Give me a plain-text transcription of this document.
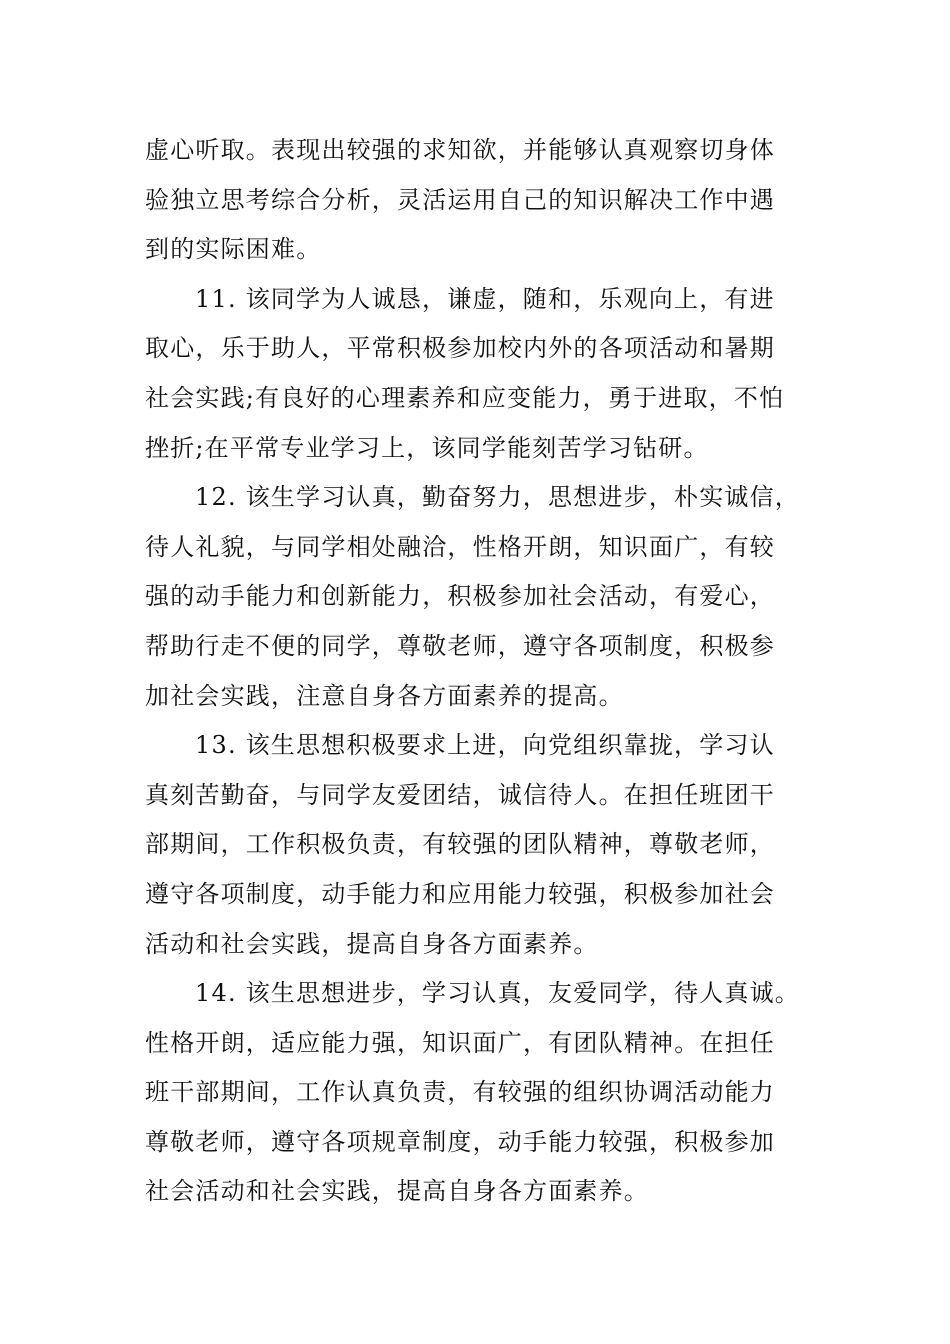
虚心听取。表现出较强的求知欲，并能够认真观察切身体
验独立思考综合分析，灵活运用自己的知识解决工作中遇
到的实际困难。
11. 该同学为人诚恳，谦虚，随和，乐观向上，有进
取心，乐于助人，平常积极参加校内外的各项活动和暑期
社会实践;有良好的心理素养和应变能力，勇于进取，不怕
挫折;在平常专业学习上，该同学能刻苦学习钻研。
12. 该生学习认真，勤奋努力，思想进步，朴实诚信，
待人礼貌，与同学相处融洽，性格开朗，知识面广，有较
强的动手能力和创新能力，积极参加社会活动，有爱心，
帮助行走不便的同学，尊敬老师，遵守各项制度，积极参
加社会实践，注意自身各方面素养的提高。
13. 该生思想积极要求上进，向党组织靠拢，学习认
真刻苦勤奋，与同学友爱团结，诚信待人。在担任班团干
部期间，工作积极负责，有较强的团队精神，尊敬老师，
遵守各项制度，动手能力和应用能力较强，积极参加社会
活动和社会实践，提高自身各方面素养。
14. 该生思想进步，学习认真，友爱同学，待人真诚。
性格开朗，适应能力强，知识面广，有团队精神。在担任
班干部期间，工作认真负责，有较强的组织协调活动能力
尊敬老师，遵守各项规章制度，动手能力较强，积极参加
社会活动和社会实践，提高自身各方面素养。
